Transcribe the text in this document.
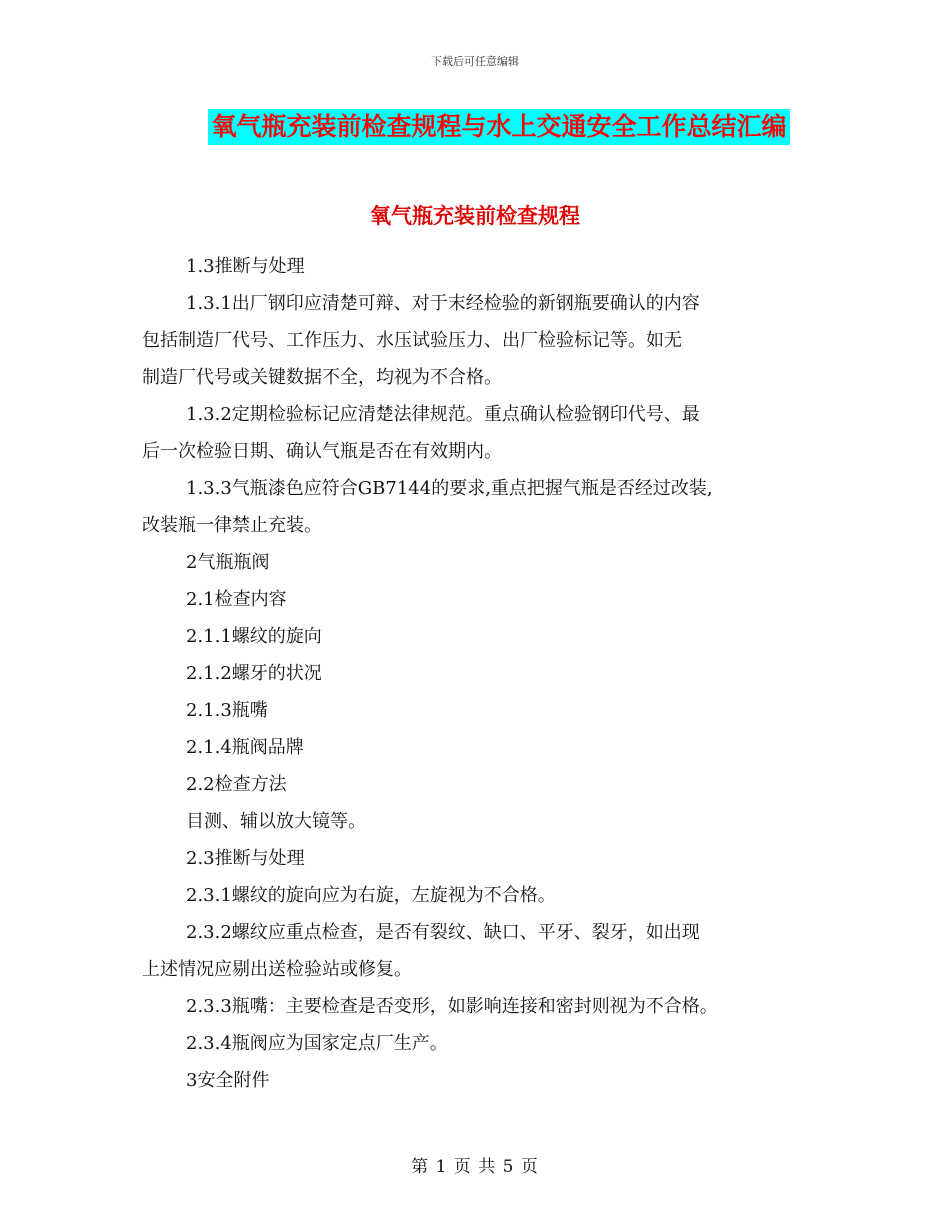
下载后可任意编辑
氧气瓶充装前检查规程与水上交通安全工作总结汇编
氧气瓶充装前检查规程

1.3推断与处理

1.3.1出厂钢印应清楚可辩、对于末经检验的新钢瓶要确认的内容

包括制造厂代号、工作压力、水压试验压力、出厂检验标记等。如无

制造厂代号或关键数据不全，均视为不合格。

1.3.2定期检验标记应清楚法律规范。重点确认检验钢印代号、最

后一次检验日期、确认气瓶是否在有效期内。

1.3.3气瓶漆色应符合GB7144的要求,重点把握气瓶是否经过改装,

改装瓶一律禁止充装。

2气瓶瓶阀

2.1检查内容

2.1.1螺纹的旋向

2.1.2螺牙的状况

2.1.3瓶嘴

2.1.4瓶阀品牌

2.2检查方法

目测、辅以放大镜等。

2.3推断与处理

2.3.1螺纹的旋向应为右旋，左旋视为不合格。

2.3.2螺纹应重点检查，是否有裂纹、缺口、平牙、裂牙，如出现

上述情况应剔出送检验站或修复。

2.3.3瓶嘴：主要检查是否变形，如影响连接和密封则视为不合格。

2.3.4瓶阀应为国家定点厂生产。

3安全附件

第 1 页 共 5 页
